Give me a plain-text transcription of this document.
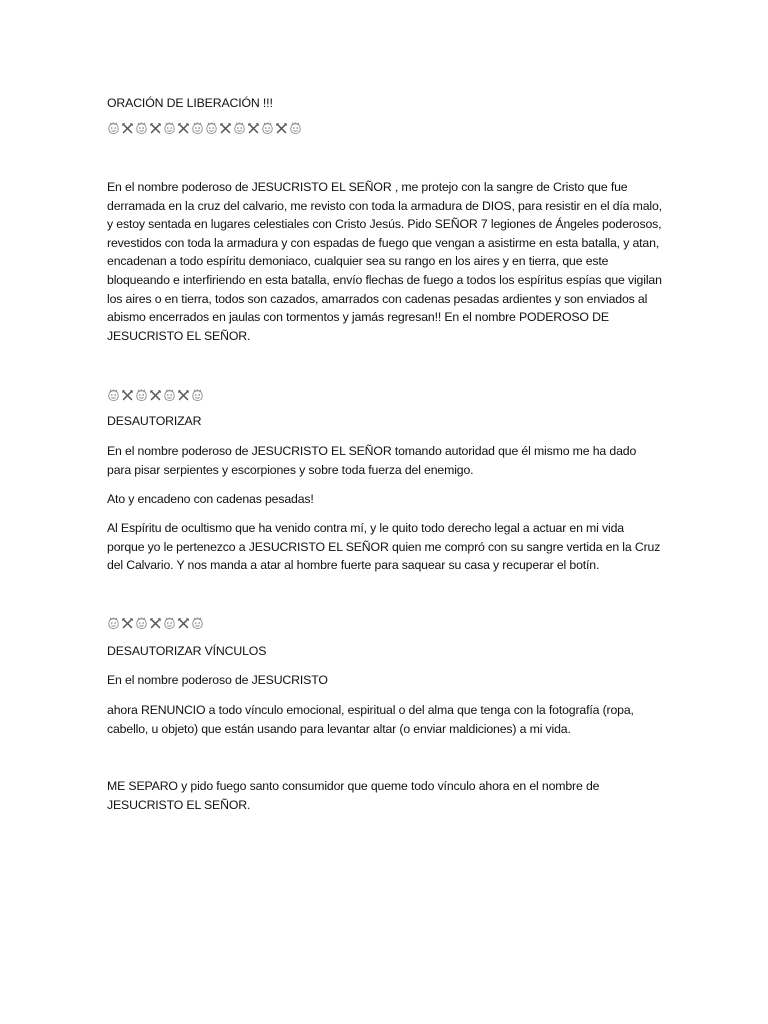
ORACIÓN DE LIBERACIÓN !!!

En el nombre poderoso de JESUCRISTO EL SEÑOR , me protejo con la sangre de Cristo que fue derramada en la cruz del calvario, me revisto con toda la armadura de DIOS, para resistir en el día malo, y estoy sentada en lugares celestiales con Cristo Jesús. Pido SEÑOR 7 legiones de Ángeles poderosos, revestidos con toda la armadura y con espadas de fuego que vengan a asistirme en esta batalla, y atan, encadenan a todo espíritu demoniaco, cualquier sea su rango en los aires y en tierra, que este bloqueando e interfiriendo en esta batalla, envío flechas de fuego a todos los espíritus espías que vigilan los aires o en tierra, todos son cazados, amarrados con cadenas pesadas ardientes y son enviados al abismo encerrados en jaulas con tormentos y jamás regresan!! En el nombre PODEROSO DE JESUCRISTO EL SEÑOR.

DESAUTORIZAR

En el nombre poderoso de JESUCRISTO EL SEÑOR tomando autoridad que él mismo me ha dado para pisar serpientes y escorpiones y sobre toda fuerza del enemigo.

Ato y encadeno con cadenas pesadas!

Al Espíritu de ocultismo que ha venido contra mí, y le quito todo derecho legal a actuar en mi vida porque yo le pertenezco a JESUCRISTO EL SEÑOR quien me compró con su sangre vertida en la Cruz del Calvario. Y nos manda a atar al hombre fuerte para saquear su casa y recuperar el botín.

DESAUTORIZAR VÍNCULOS

En el nombre poderoso de JESUCRISTO

ahora RENUNCIO a todo vínculo emocional, espiritual o del alma que tenga con la fotografía (ropa, cabello, u objeto) que están usando para levantar altar (o enviar maldiciones) a mi vida.

ME SEPARO y pido fuego santo consumidor que queme todo vínculo ahora en el nombre de JESUCRISTO EL SEÑOR.
